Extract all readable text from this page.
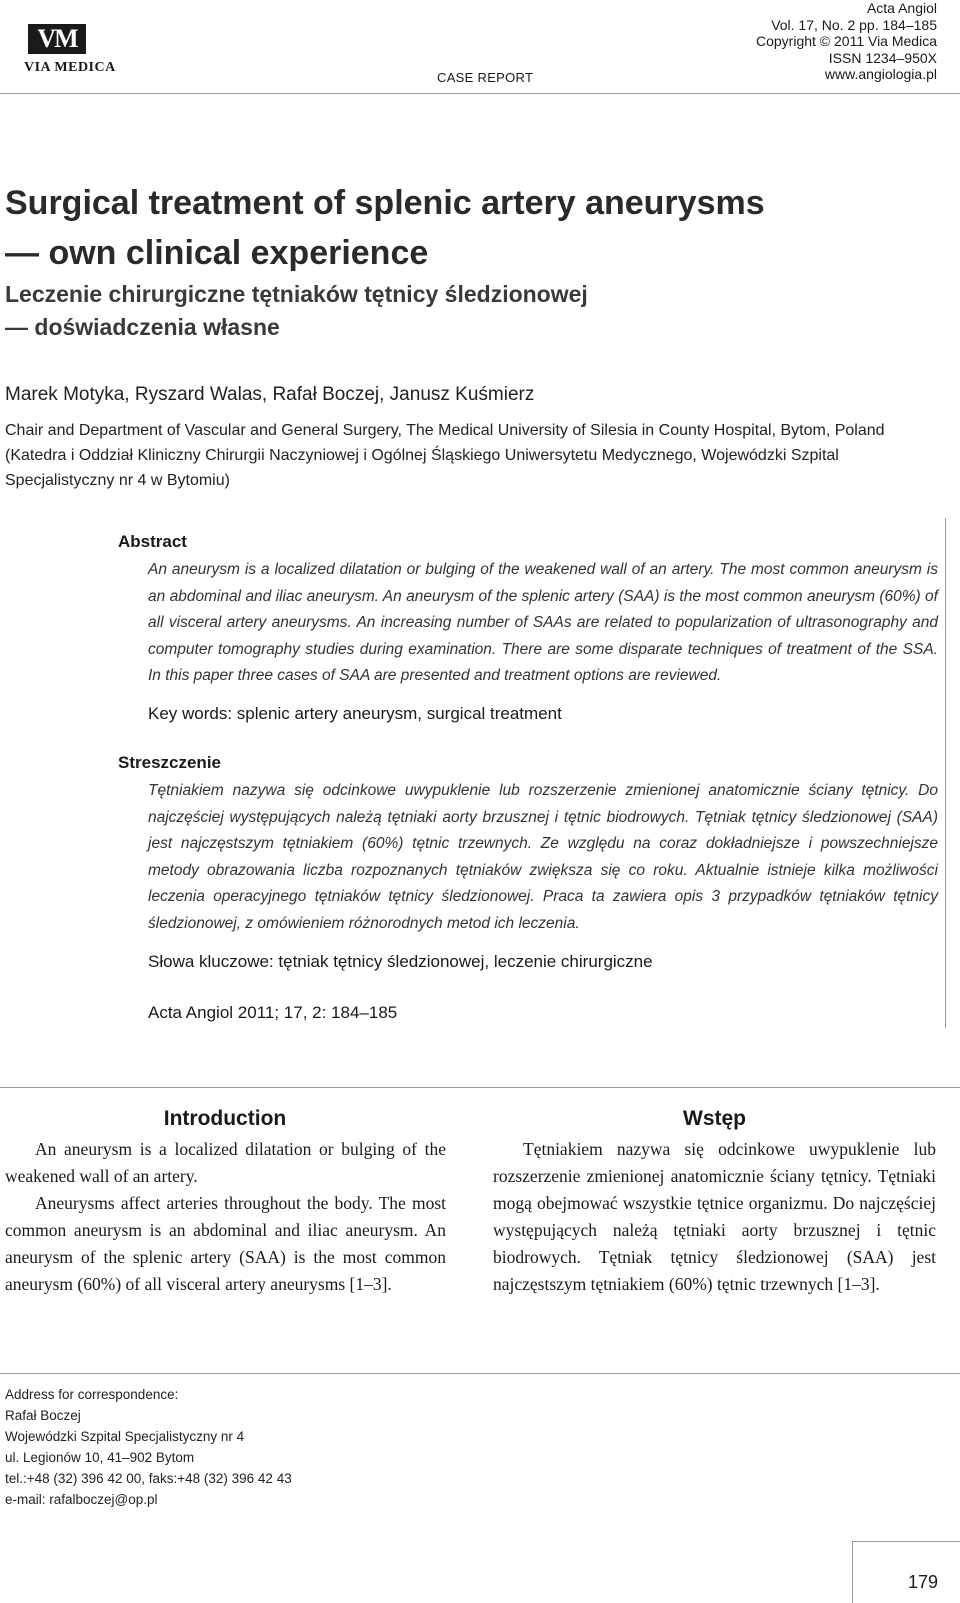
VM
VIA MEDICA
CASE REPORT
Acta Angiol
Vol. 17, No. 2 pp. 184–185
Copyright © 2011 Via Medica
ISSN 1234–950X
www.angiologia.pl
Surgical treatment of splenic artery aneurysms
— own clinical experience
Leczenie chirurgiczne tętniaków tętnicy śledzionowej
— doświadczenia własne
Marek Motyka, Ryszard Walas, Rafał Boczej, Janusz Kuśmierz
Chair and Department of Vascular and General Surgery, The Medical University of Silesia in County Hospital, Bytom, Poland (Katedra i Oddział Kliniczny Chirurgii Naczyniowej i Ogólnej Śląskiego Uniwersytetu Medycznego, Wojewódzki Szpital Specjalistyczny nr 4 w Bytomiu)
Abstract
An aneurysm is a localized dilatation or bulging of the weakened wall of an artery. The most common aneurysm is an abdominal and iliac aneurysm. An aneurysm of the splenic artery (SAA) is the most common aneurysm (60%) of all visceral artery aneurysms. An increasing number of SAAs are related to popularization of ultrasonography and computer tomography studies during examination. There are some disparate techniques of treatment of the SSA. In this paper three cases of SAA are presented and treatment options are reviewed.
Key words: splenic artery aneurysm, surgical treatment
Streszczenie
Tętniakiem nazywa się odcinkowe uwypuklenie lub rozszerzenie zmienionej anatomicznie ściany tętnicy. Do najczęściej występujących należą tętniaki aorty brzusznej i tętnic biodrowych. Tętniak tętnicy śledzionowej (SAA) jest najczęstszym tętniakiem (60%) tętnic trzewnych. Ze względu na coraz dokładniejsze i powszechniejsze metody obrazowania liczba rozpoznanych tętniaków zwiększa się co roku. Aktualnie istnieje kilka możliwości leczenia operacyjnego tętniaków tętnicy śledzionowej. Praca ta zawiera opis 3 przypadków tętniaków tętnicy śledzionowej, z omówieniem różnorodnych metod ich leczenia.
Słowa kluczowe: tętniak tętnicy śledzionowej, leczenie chirurgiczne
Acta Angiol 2011; 17, 2: 184–185
Introduction

An aneurysm is a localized dilatation or bulging of the weakened wall of an artery.

Aneurysms affect arteries throughout the body. The most common aneurysm is an abdominal and iliac aneurysm. An aneurysm of the splenic artery (SAA) is the most common aneurysm (60%) of all visceral artery aneurysms [1–3].

Wstęp

Tętniakiem nazywa się odcinkowe uwypuklenie lub rozszerzenie zmienionej anatomicznie ściany tętnicy. Tętniaki mogą obejmować wszystkie tętnice organizmu. Do najczęściej występujących należą tętniaki aorty brzusznej i tętnic biodrowych. Tętniak tętnicy śledzionowej (SAA) jest najczęstszym tętniakiem (60%) tętnic trzewnych [1–3].

Address for correspondence:
Rafał Boczej
Wojewódzki Szpital Specjalistyczny nr 4
ul. Legionów 10, 41–902 Bytom
tel.:+48 (32) 396 42 00, faks:+48 (32) 396 42 43
e-mail: rafalboczej@op.pl
179
